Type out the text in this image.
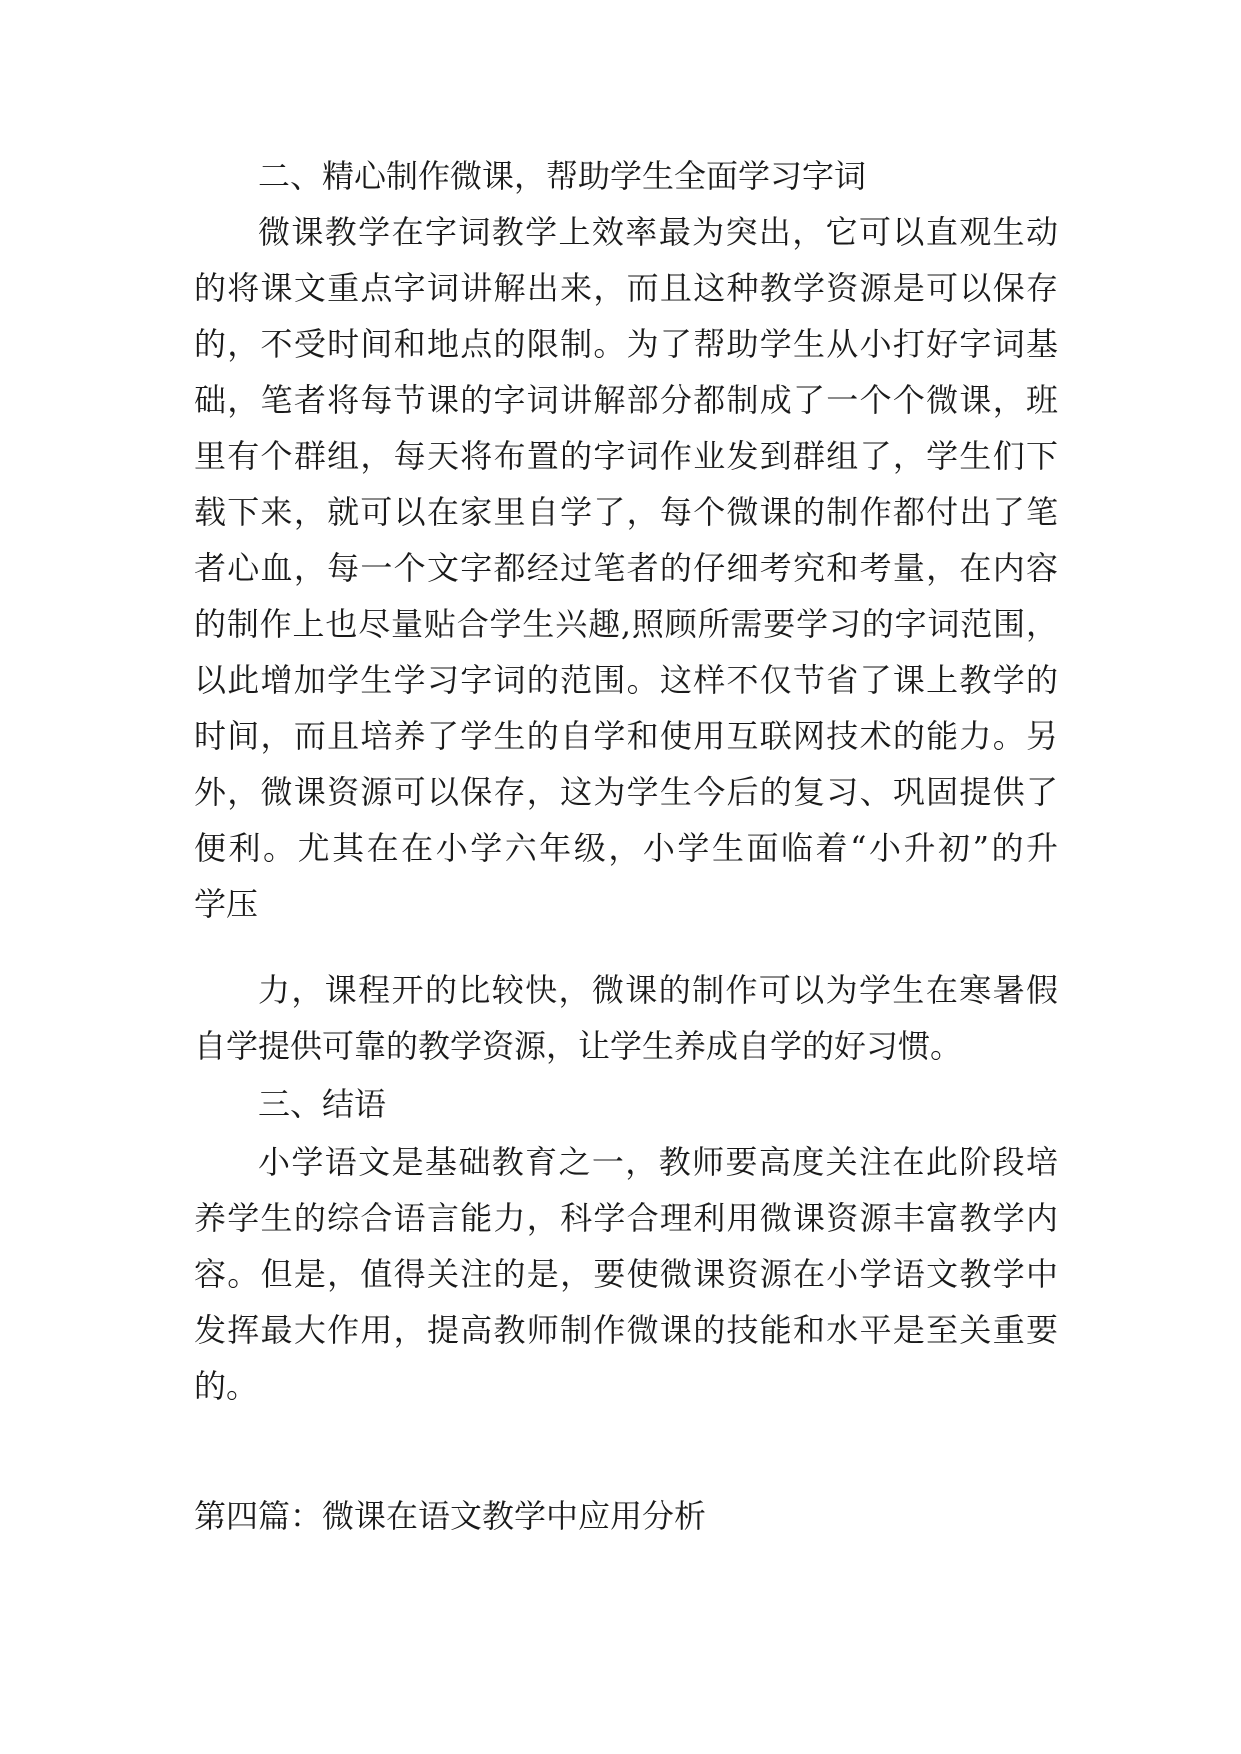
二、精心制作微课，帮助学生全面学习字词
微课教学在字词教学上效率最为突出，它可以直观生动
的将课文重点字词讲解出来，而且这种教学资源是可以保存
的，不受时间和地点的限制。为了帮助学生从小打好字词基
础，笔者将每节课的字词讲解部分都制成了一个个微课，班
里有个群组，每天将布置的字词作业发到群组了，学生们下
载下来，就可以在家里自学了，每个微课的制作都付出了笔
者心血，每一个文字都经过笔者的仔细考究和考量，在内容
的制作上也尽量贴合学生兴趣,照顾所需要学习的字词范围，
以此增加学生学习字词的范围。这样不仅节省了课上教学的
时间，而且培养了学生的自学和使用互联网技术的能力。另
外，微课资源可以保存，这为学生今后的复习、巩固提供了
便利。尤其在在小学六年级，小学生面临着“小升初”的升
学压
力，课程开的比较快，微课的制作可以为学生在寒暑假
自学提供可靠的教学资源，让学生养成自学的好习惯。
三、结语
小学语文是基础教育之一，教师要高度关注在此阶段培
养学生的综合语言能力，科学合理利用微课资源丰富教学内
容。但是，值得关注的是，要使微课资源在小学语文教学中
发挥最大作用，提高教师制作微课的技能和水平是至关重要
的。
第四篇：微课在语文教学中应用分析
